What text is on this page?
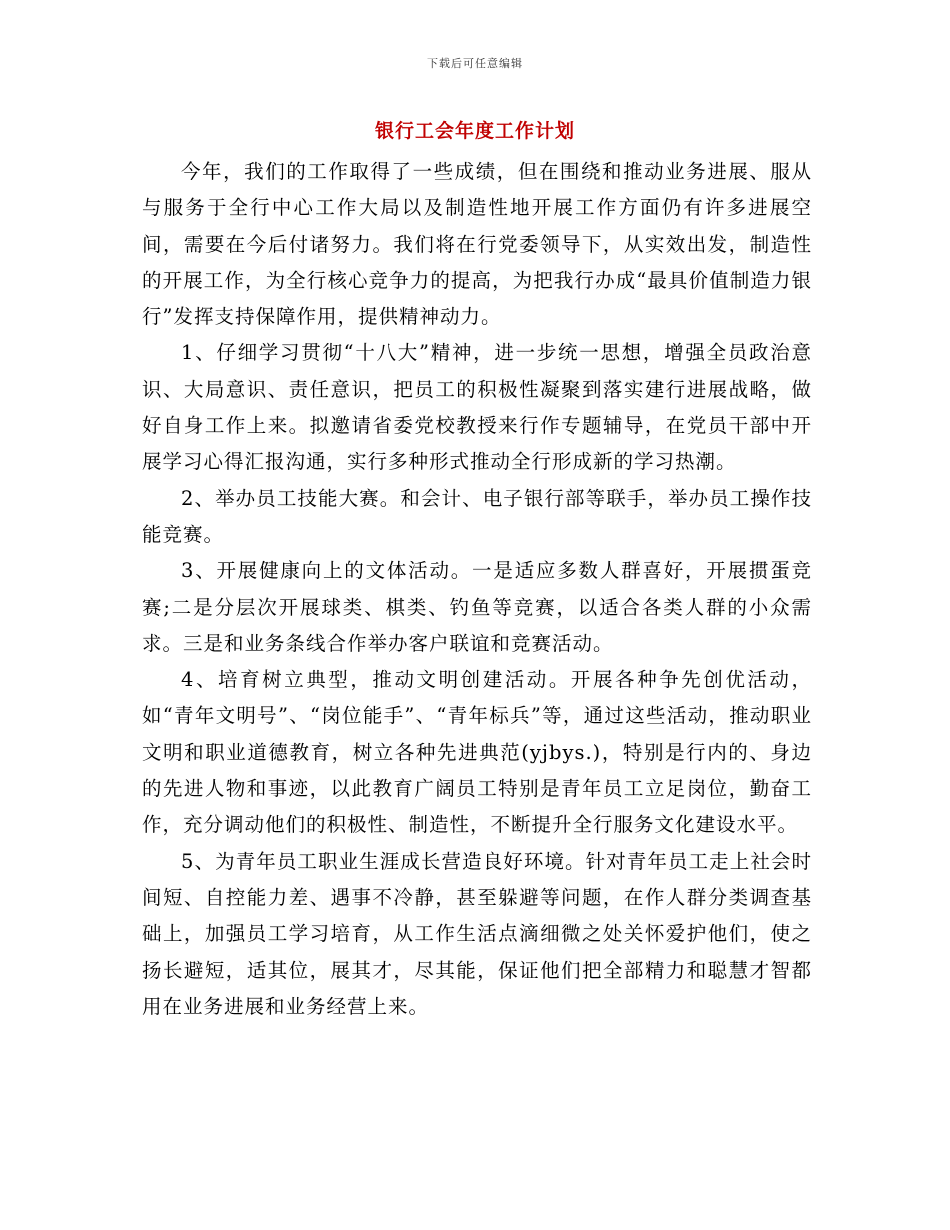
下载后可任意编辑
银行工会年度工作计划

今年，我们的工作取得了一些成绩，但在围绕和推动业务进展、服从与服务于全行中心工作大局以及制造性地开展工作方面仍有许多进展空间，需要在今后付诸努力。我们将在行党委领导下，从实效出发，制造性的开展工作，为全行核心竞争力的提高，为把我行办成“最具价值制造力银行”发挥支持保障作用，提供精神动力。

1、仔细学习贯彻“十八大”精神，进一步统一思想，增强全员政治意识、大局意识、责任意识，把员工的积极性凝聚到落实建行进展战略，做好自身工作上来。拟邀请省委党校教授来行作专题辅导，在党员干部中开展学习心得汇报沟通，实行多种形式推动全行形成新的学习热潮。

2、举办员工技能大赛。和会计、电子银行部等联手，举办员工操作技能竞赛。

3、开展健康向上的文体活动。一是适应多数人群喜好，开展掼蛋竞赛;二是分层次开展球类、棋类、钓鱼等竞赛，以适合各类人群的小众需求。三是和业务条线合作举办客户联谊和竞赛活动。

4、培育树立典型，推动文明创建活动。开展各种争先创优活动，如“青年文明号”、“岗位能手”、“青年标兵”等，通过这些活动，推动职业文明和职业道德教育，树立各种先进典范(yjbys.)，特别是行内的、身边的先进人物和事迹，以此教育广阔员工特别是青年员工立足岗位，勤奋工作，充分调动他们的积极性、制造性，不断提升全行服务文化建设水平。

5、为青年员工职业生涯成长营造良好环境。针对青年员工走上社会时间短、自控能力差、遇事不冷静，甚至躲避等问题，在作人群分类调查基础上，加强员工学习培育，从工作生活点滴细微之处关怀爱护他们，使之扬长避短，适其位，展其才，尽其能，保证他们把全部精力和聪慧才智都用在业务进展和业务经营上来。
